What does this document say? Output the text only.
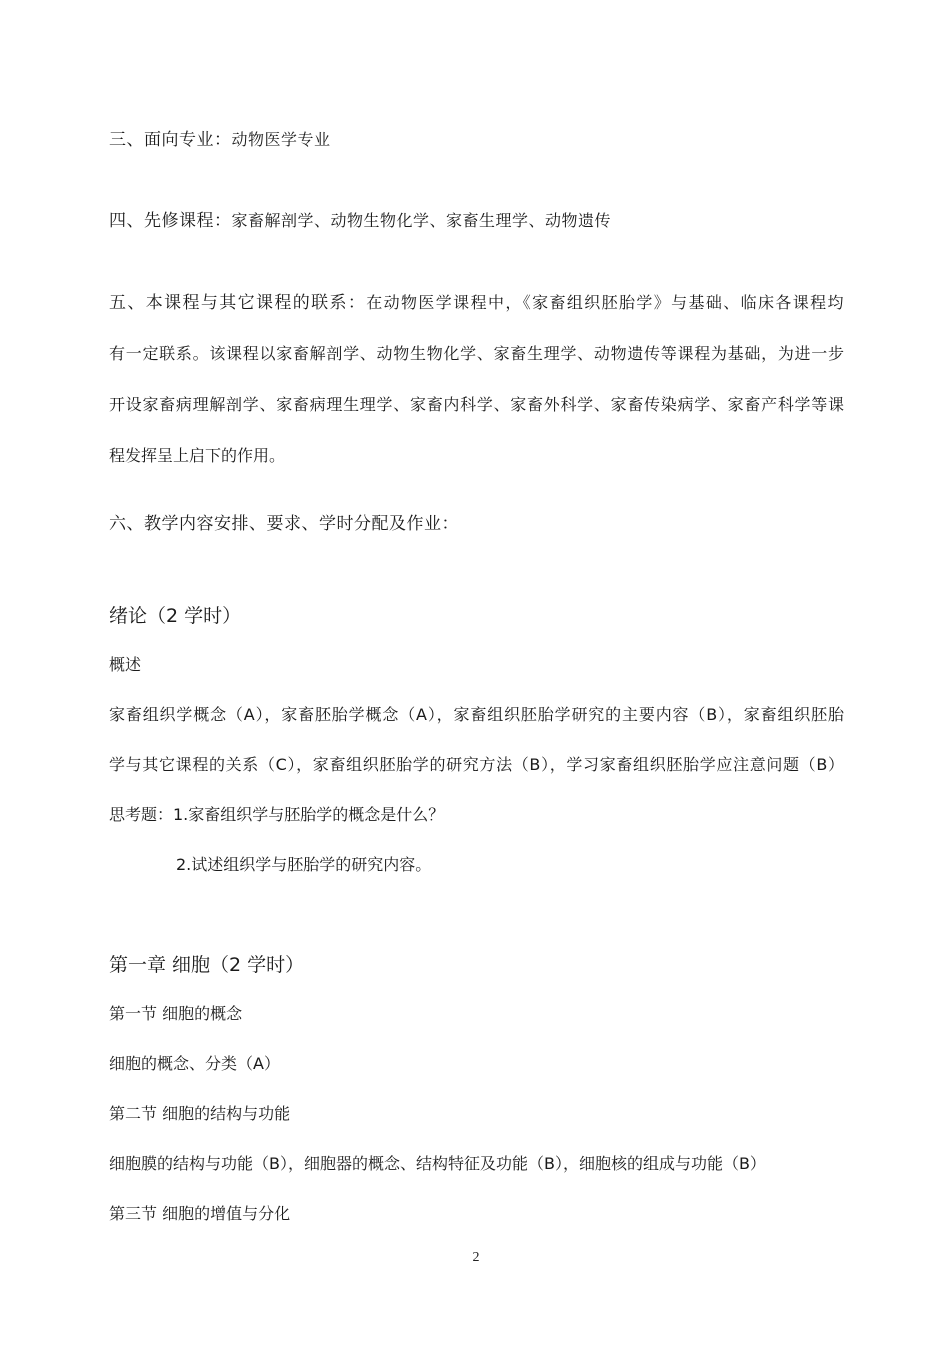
三、面向专业：动物医学专业
四、先修课程：家畜解剖学、动物生物化学、家畜生理学、动物遗传
五、本课程与其它课程的联系：在动物医学课程中，《家畜组织胚胎学》与基础、临床各课程均
有一定联系。该课程以家畜解剖学、动物生物化学、家畜生理学、动物遗传等课程为基础，为进一步
开设家畜病理解剖学、家畜病理生理学、家畜内科学、家畜外科学、家畜传染病学、家畜产科学等课
程发挥呈上启下的作用。
六、教学内容安排、要求、学时分配及作业：
绪论（2 学时）
概述
家畜组织学概念（A），家畜胚胎学概念（A），家畜组织胚胎学研究的主要内容（B），家畜组织胚胎
学与其它课程的关系（C），家畜组织胚胎学的研究方法（B），学习家畜组织胚胎学应注意问题（B）
思考题：1.家畜组织学与胚胎学的概念是什么？
2.试述组织学与胚胎学的研究内容。
第一章 细胞（2 学时）
第一节 细胞的概念
细胞的概念、分类（A）
第二节 细胞的结构与功能
细胞膜的结构与功能（B），细胞器的概念、结构特征及功能（B），细胞核的组成与功能（B）
第三节 细胞的增值与分化
2
